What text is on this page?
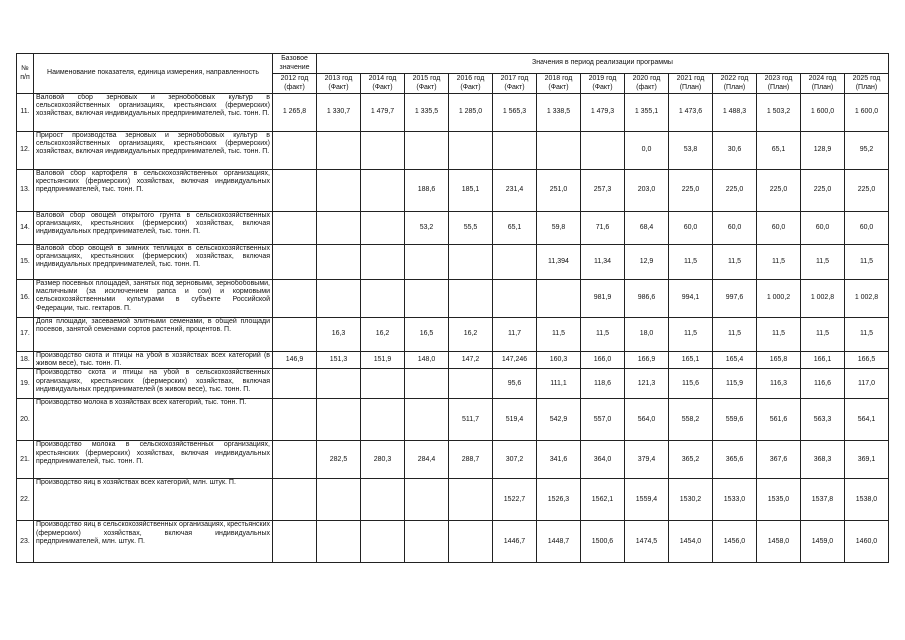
№ п/п	Наименование показателя, единица измерения, направленность	Базовое значение	Значения в период реализации программы												
		2012 год (факт)	2013 год (Факт)	2014 год (Факт)	2015 год (Факт)	2016 год (Факт)	2017 год (Факт)	2018 год (Факт)	2019 год (Факт)	2020 год (факт)	2021 год (План)	2022 год (План)	2023 год (План)	2024 год (План)	2025 год (План)
11.	Валовой сбор зерновых и зернобобовых культур в сельскохозяйственных организациях, крестьянских (фермерских) хозяйствах, включая индивидуальных предпринимателей, тыс. тонн. П.	1 265,8	1 330,7	1 479,7	1 335,5	1 285,0	1 565,3	1 338,5	1 479,3	1 355,1	1 473,6	1 488,3	1 503,2	1 600,0	1 600,0
12.	Прирост производства зерновых и зернобобовых культур в сельскохозяйственных организациях, крестьянских (фермерских) хозяйствах, включая индивидуальных предпринимателей, тыс. тонн. П.									0,0	53,8	30,6	65,1	128,9	95,2
13.	Валовой сбор картофеля в сельскохозяйственных организациях, крестьянских (фермерских) хозяйствах, включая индивидуальных предпринимателей, тыс. тонн. П.				188,6	185,1	231,4	251,0	257,3	203,0	225,0	225,0	225,0	225,0	225,0
14.	Валовой сбор овощей открытого грунта в сельскохозяйственных организациях, крестьянских (фермерских) хозяйствах, включая индивидуальных предпринимателей, тыс. тонн. П.				53,2	55,5	65,1	59,8	71,6	68,4	60,0	60,0	60,0	60,0	60,0
15.	Валовой сбор овощей в зимних теплицах в сельскохозяйственных организациях, крестьянских (фермерских) хозяйствах, включая индивидуальных предпринимателей, тыс. тонн. П.							11,394	11,34	12,9	11,5	11,5	11,5	11,5	11,5
16.	Размер посевных площадей, занятых под зерновыми, зернобобовыми, масличными (за исключением рапса и сои) и кормовыми сельскохозяйственными культурами в субъекте Российской Федерации, тыс. гектаров. П.								981,9	986,6	994,1	997,6	1 000,2	1 002,8	1 002,8
17.	Доля площади, засеваемой элитными семенами, в общей площади посевов, занятой семенами сортов растений, процентов. П.		16,3	16,2	16,5	16,2	11,7	11,5	11,5	18,0	11,5	11,5	11,5	11,5	11,5
18.	Производство скота и птицы на убой в хозяйствах всех категорий (в живом весе), тыс. тонн. П.	146,9	151,3	151,9	148,0	147,2	147,246	160,3	166,0	166,9	165,1	165,4	165,8	166,1	166,5
19.	Производство скота и птицы на убой в сельскохозяйственных организациях, крестьянских (фермерских) хозяйствах, включая индивидуальных предпринимателей (в живом весе), тыс. тонн. П.						95,6	111,1	118,6	121,3	115,6	115,9	116,3	116,6	117,0
20.	Производство молока в хозяйствах всех категорий, тыс. тонн. П.					511,7	519,4	542,9	557,0	564,0	558,2	559,6	561,6	563,3	564,1
21.	Производство молока в сельскохозяйственных организациях, крестьянских (фермерских) хозяйствах, включая индивидуальных предпринимателей, тыс. тонн. П.		282,5	280,3	284,4	288,7	307,2	341,6	364,0	379,4	365,2	365,6	367,6	368,3	369,1
22.	Производство яиц в хозяйствах всех категорий, млн. штук. П.						1522,7	1526,3	1562,1	1559,4	1530,2	1533,0	1535,0	1537,8	1538,0
23.	Производство яиц в сельскохозяйственных организациях, крестьянских (фермерских) хозяйствах, включая индивидуальных предпринимателей, млн. штук. П.						1446,7	1448,7	1500,6	1474,5	1454,0	1456,0	1458,0	1459,0	1460,0
